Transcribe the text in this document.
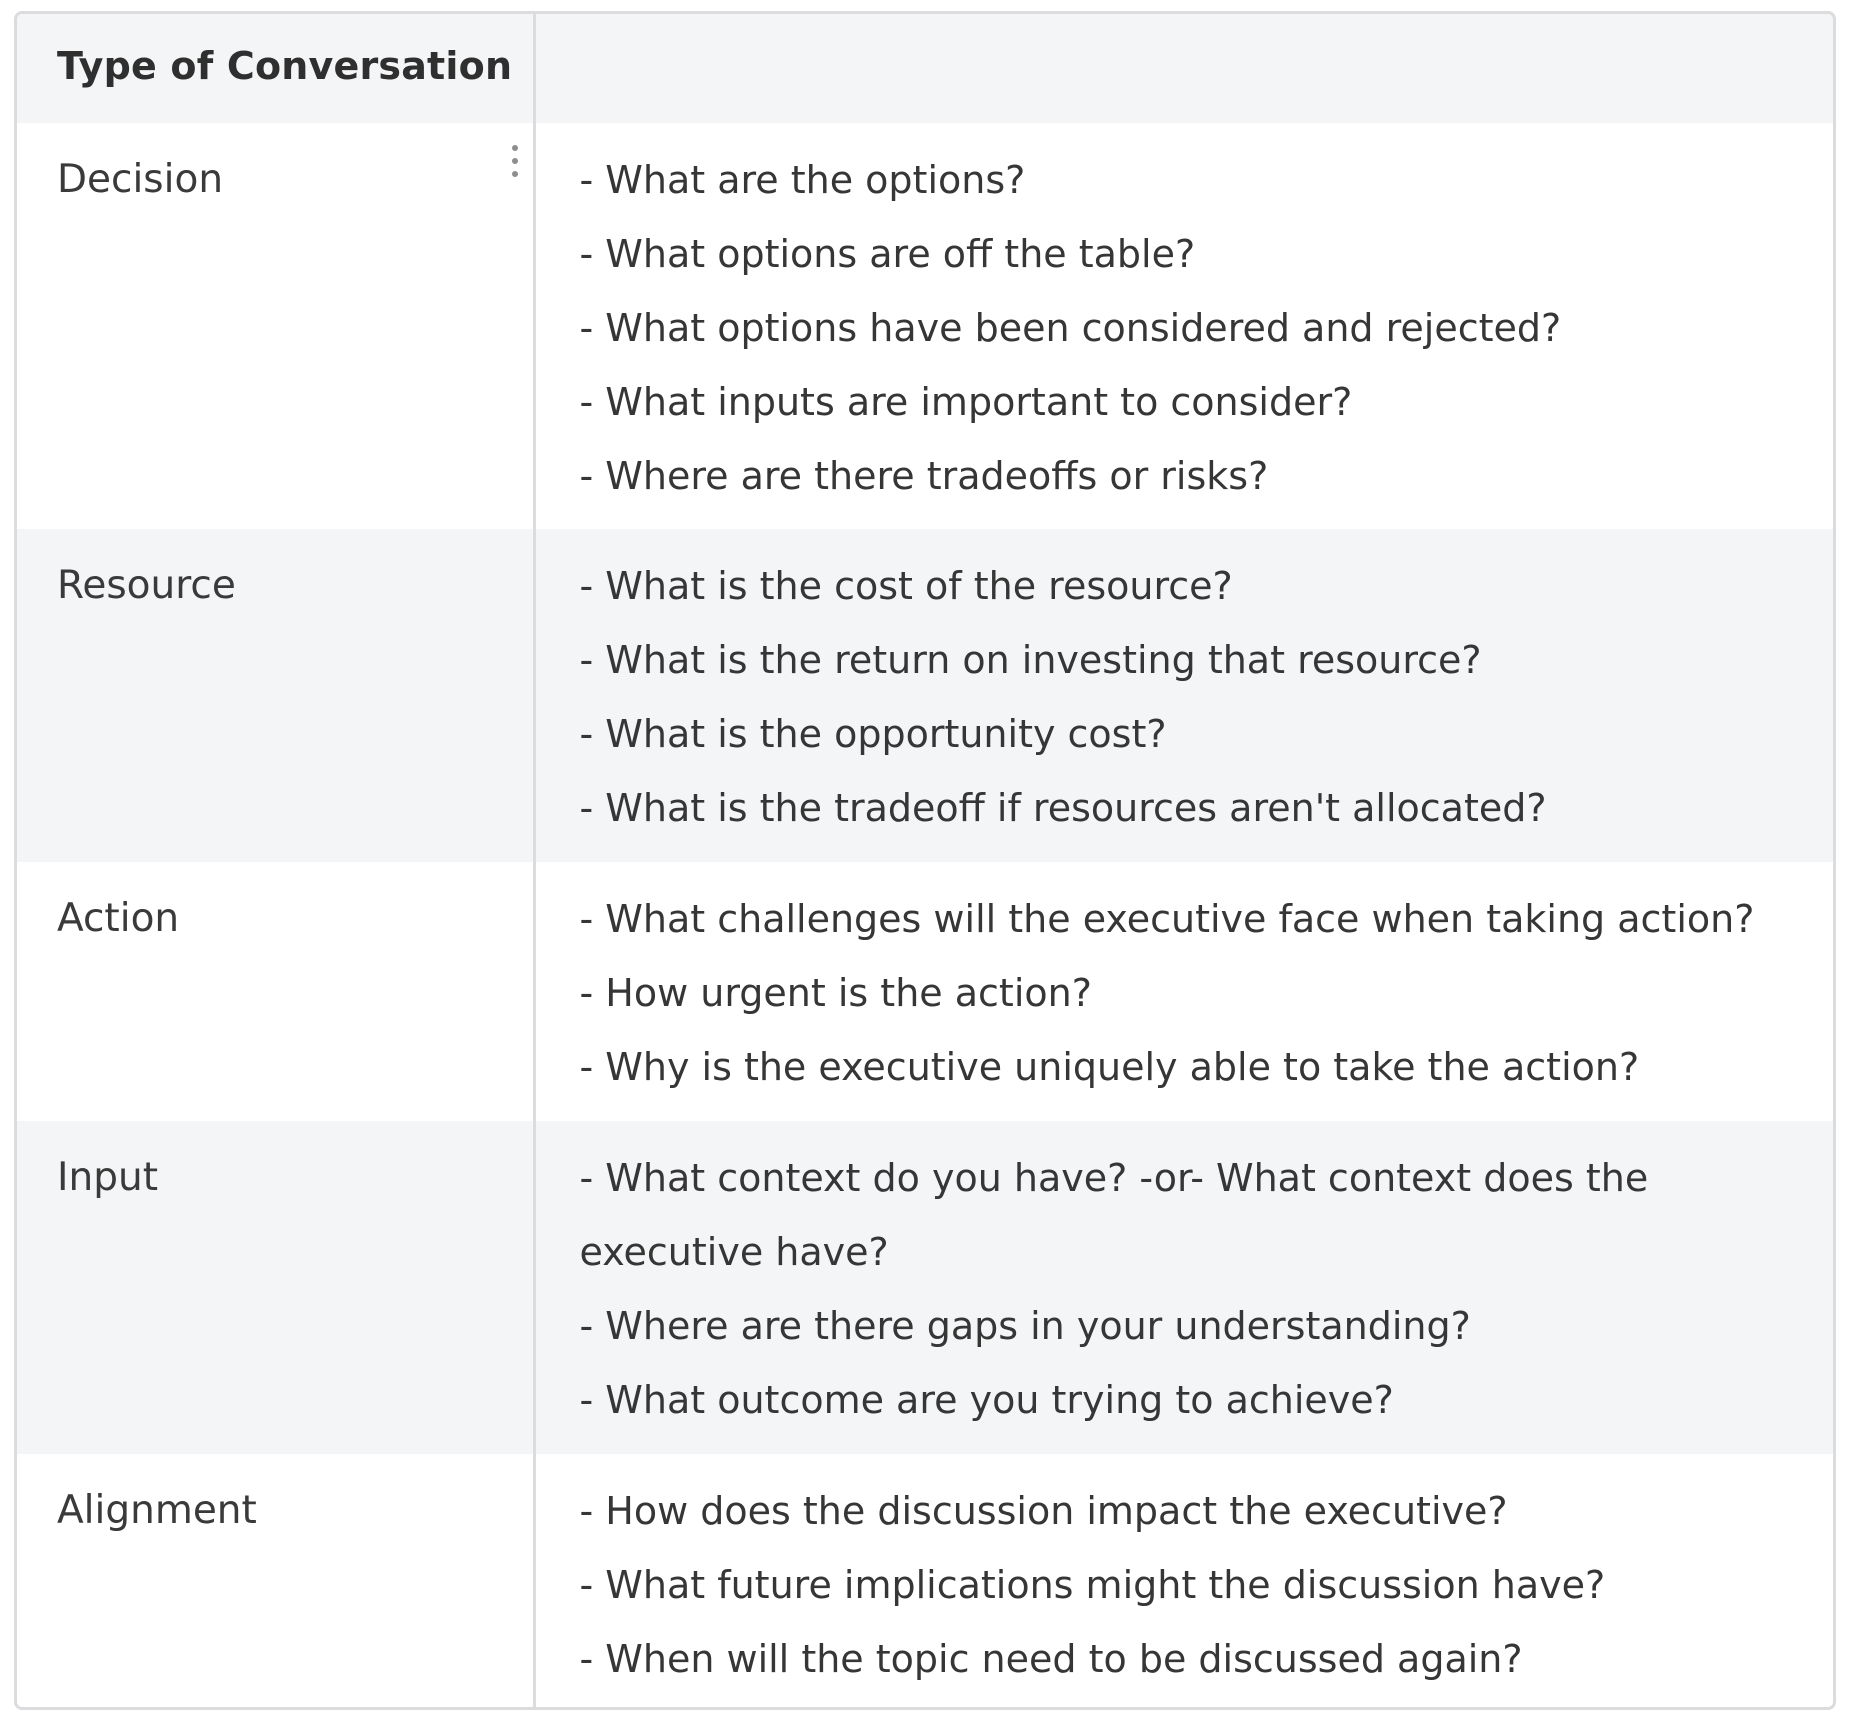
Type of Conversation	

Decision	- What are the options?
- What options are off the table?
- What options have been considered and rejected?
- What inputs are important to consider?
- Where are there tradeoffs or risks?

Resource	- What is the cost of the resource?
- What is the return on investing that resource?
- What is the opportunity cost?
- What is the tradeoff if resources aren't allocated?

Action	- What challenges will the executive face when taking action?
- How urgent is the action?
- Why is the executive uniquely able to take the action?

Input	- What context do you have? -or- What context does the executive have?
- Where are there gaps in your understanding?
- What outcome are you trying to achieve?

Alignment	- How does the discussion impact the executive?
- What future implications might the discussion have?
- When will the topic need to be discussed again?
